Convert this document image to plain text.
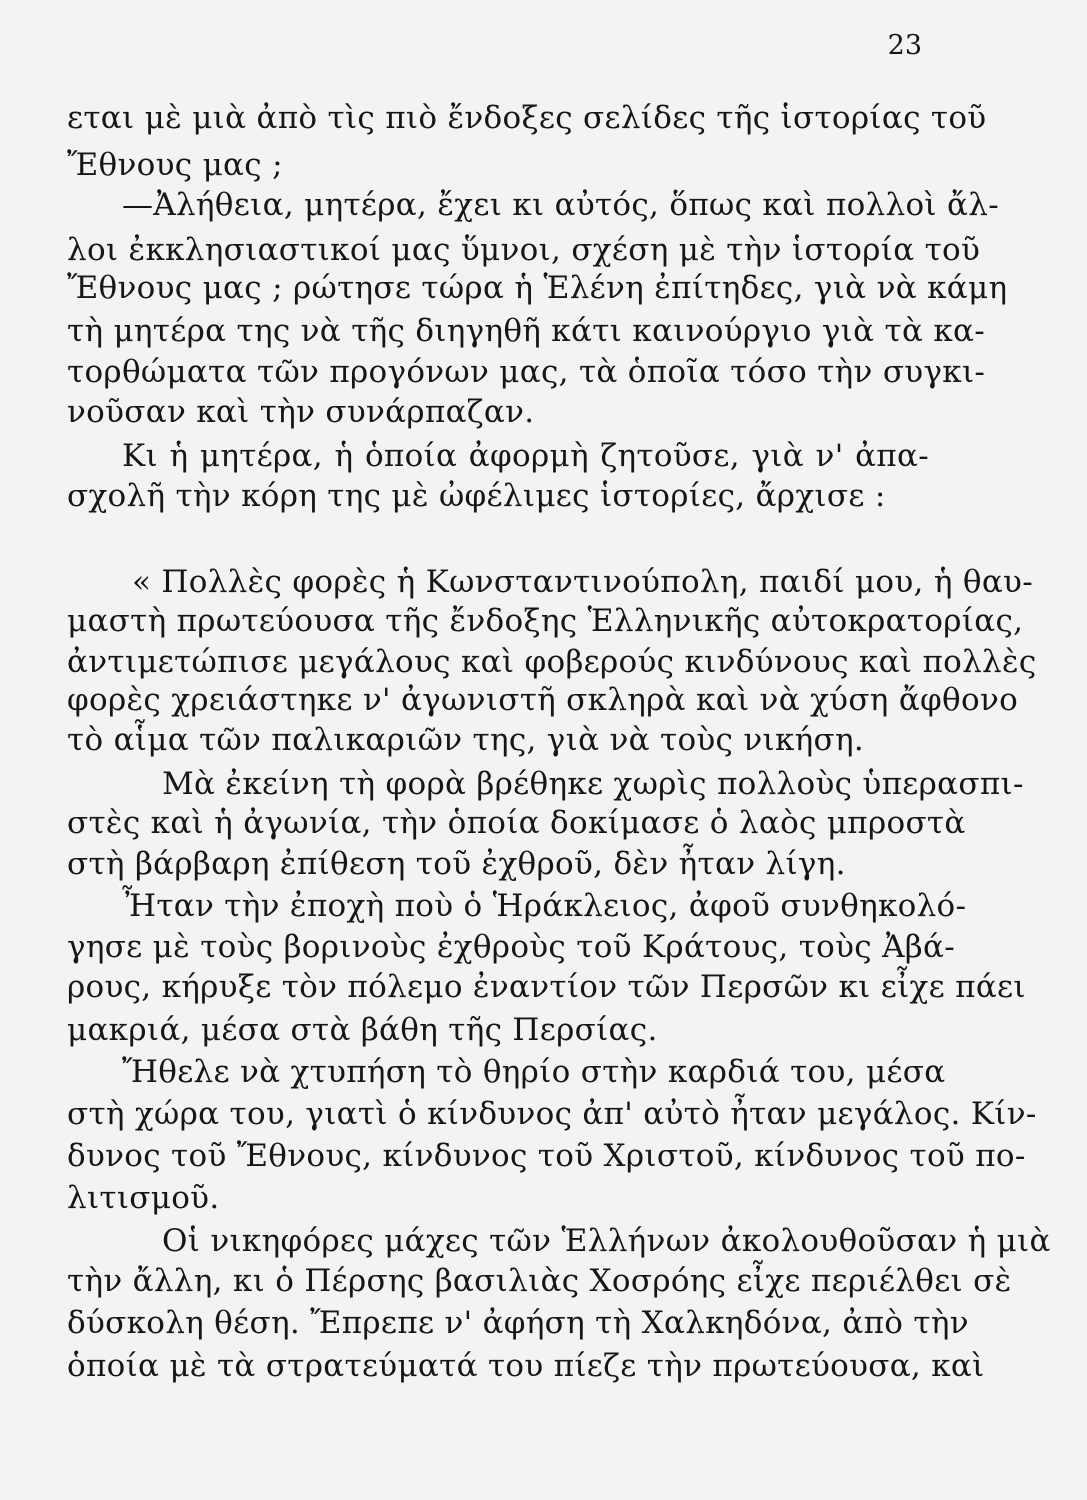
23
εται μὲ μιὰ ἀπὸ τὶς πιὸ ἔνδοξες σελίδες τῆς ἱστορίας τοῦ
Ἔθνους μας ;
—Ἀλήθεια, μητέρα, ἔχει κι αὐτός, ὅπως καὶ πολλοὶ ἄλ-
λοι ἐκκλησιαστικοί μας ὕμνοι, σχέση μὲ τὴν ἱστορία τοῦ
Ἔθνους μας ; ρώτησε τώρα ἡ Ἑλένη ἐπίτηδες, γιὰ νὰ κάμη
τὴ μητέρα της νὰ τῆς διηγηθῆ κάτι καινούργιο γιὰ τὰ κα-
τορθώματα τῶν προγόνων μας, τὰ ὁποῖα τόσο τὴν συγκι-
νοῦσαν καὶ τὴν συνάρπαζαν.
Κι ἡ μητέρα, ἡ ὁποία ἀφορμὴ ζητοῦσε, γιὰ ν' ἀπα-
σχολῆ τὴν κόρη της μὲ ὠφέλιμες ἱστορίες, ἄρχισε :
« Πολλὲς φορὲς ἡ Κωνσταντινούπολη, παιδί μου, ἡ θαυ-
μαστὴ πρωτεύουσα τῆς ἔνδοξης Ἑλληνικῆς αὐτοκρατορίας,
ἀντιμετώπισε μεγάλους καὶ φοβερούς κινδύνους καὶ πολλὲς
φορὲς χρειάστηκε ν' ἀγωνιστῆ σκληρὰ καὶ νὰ χύση ἄφθονο
τὸ αἷμα τῶν παλικαριῶν της, γιὰ νὰ τοὺς νικήση.
Μὰ ἐκείνη τὴ φορὰ βρέθηκε χωρὶς πολλοὺς ὑπερασπι-
στὲς καὶ ἡ ἀγωνία, τὴν ὁποία δοκίμασε ὁ λαὸς μπροστὰ
στὴ βάρβαρη ἐπίθεση τοῦ ἐχθροῦ, δὲν ἦταν λίγη.
Ἦταν τὴν ἐποχὴ ποὺ ὁ Ἡράκλειος, ἀφοῦ συνθηκολό-
γησε μὲ τοὺς βορινοὺς ἐχθροὺς τοῦ Κράτους, τοὺς Ἀβά-
ρους, κήρυξε τὸν πόλεμο ἐναντίον τῶν Περσῶν κι εἶχε πάει
μακριά, μέσα στὰ βάθη τῆς Περσίας.
Ἤθελε νὰ χτυπήση τὸ θηρίο στὴν καρδιά του, μέσα
στὴ χώρα του, γιατὶ ὁ κίνδυνος ἀπ' αὐτὸ ἦταν μεγάλος. Κίν-
δυνος τοῦ Ἔθνους, κίνδυνος τοῦ Χριστοῦ, κίνδυνος τοῦ πο-
λιτισμοῦ.
Οἱ νικηφόρες μάχες τῶν Ἑλλήνων ἀκολουθοῦσαν ἡ μιὰ
τὴν ἄλλη, κι ὁ Πέρσης βασιλιὰς Χοσρόης εἶχε περιέλθει σὲ
δύσκολη θέση. Ἔπρεπε ν' ἀφήση τὴ Χαλκηδόνα, ἀπὸ τὴν
ὁποία μὲ τὰ στρατεύματά του πίεζε τὴν πρωτεύουσα, καὶ
